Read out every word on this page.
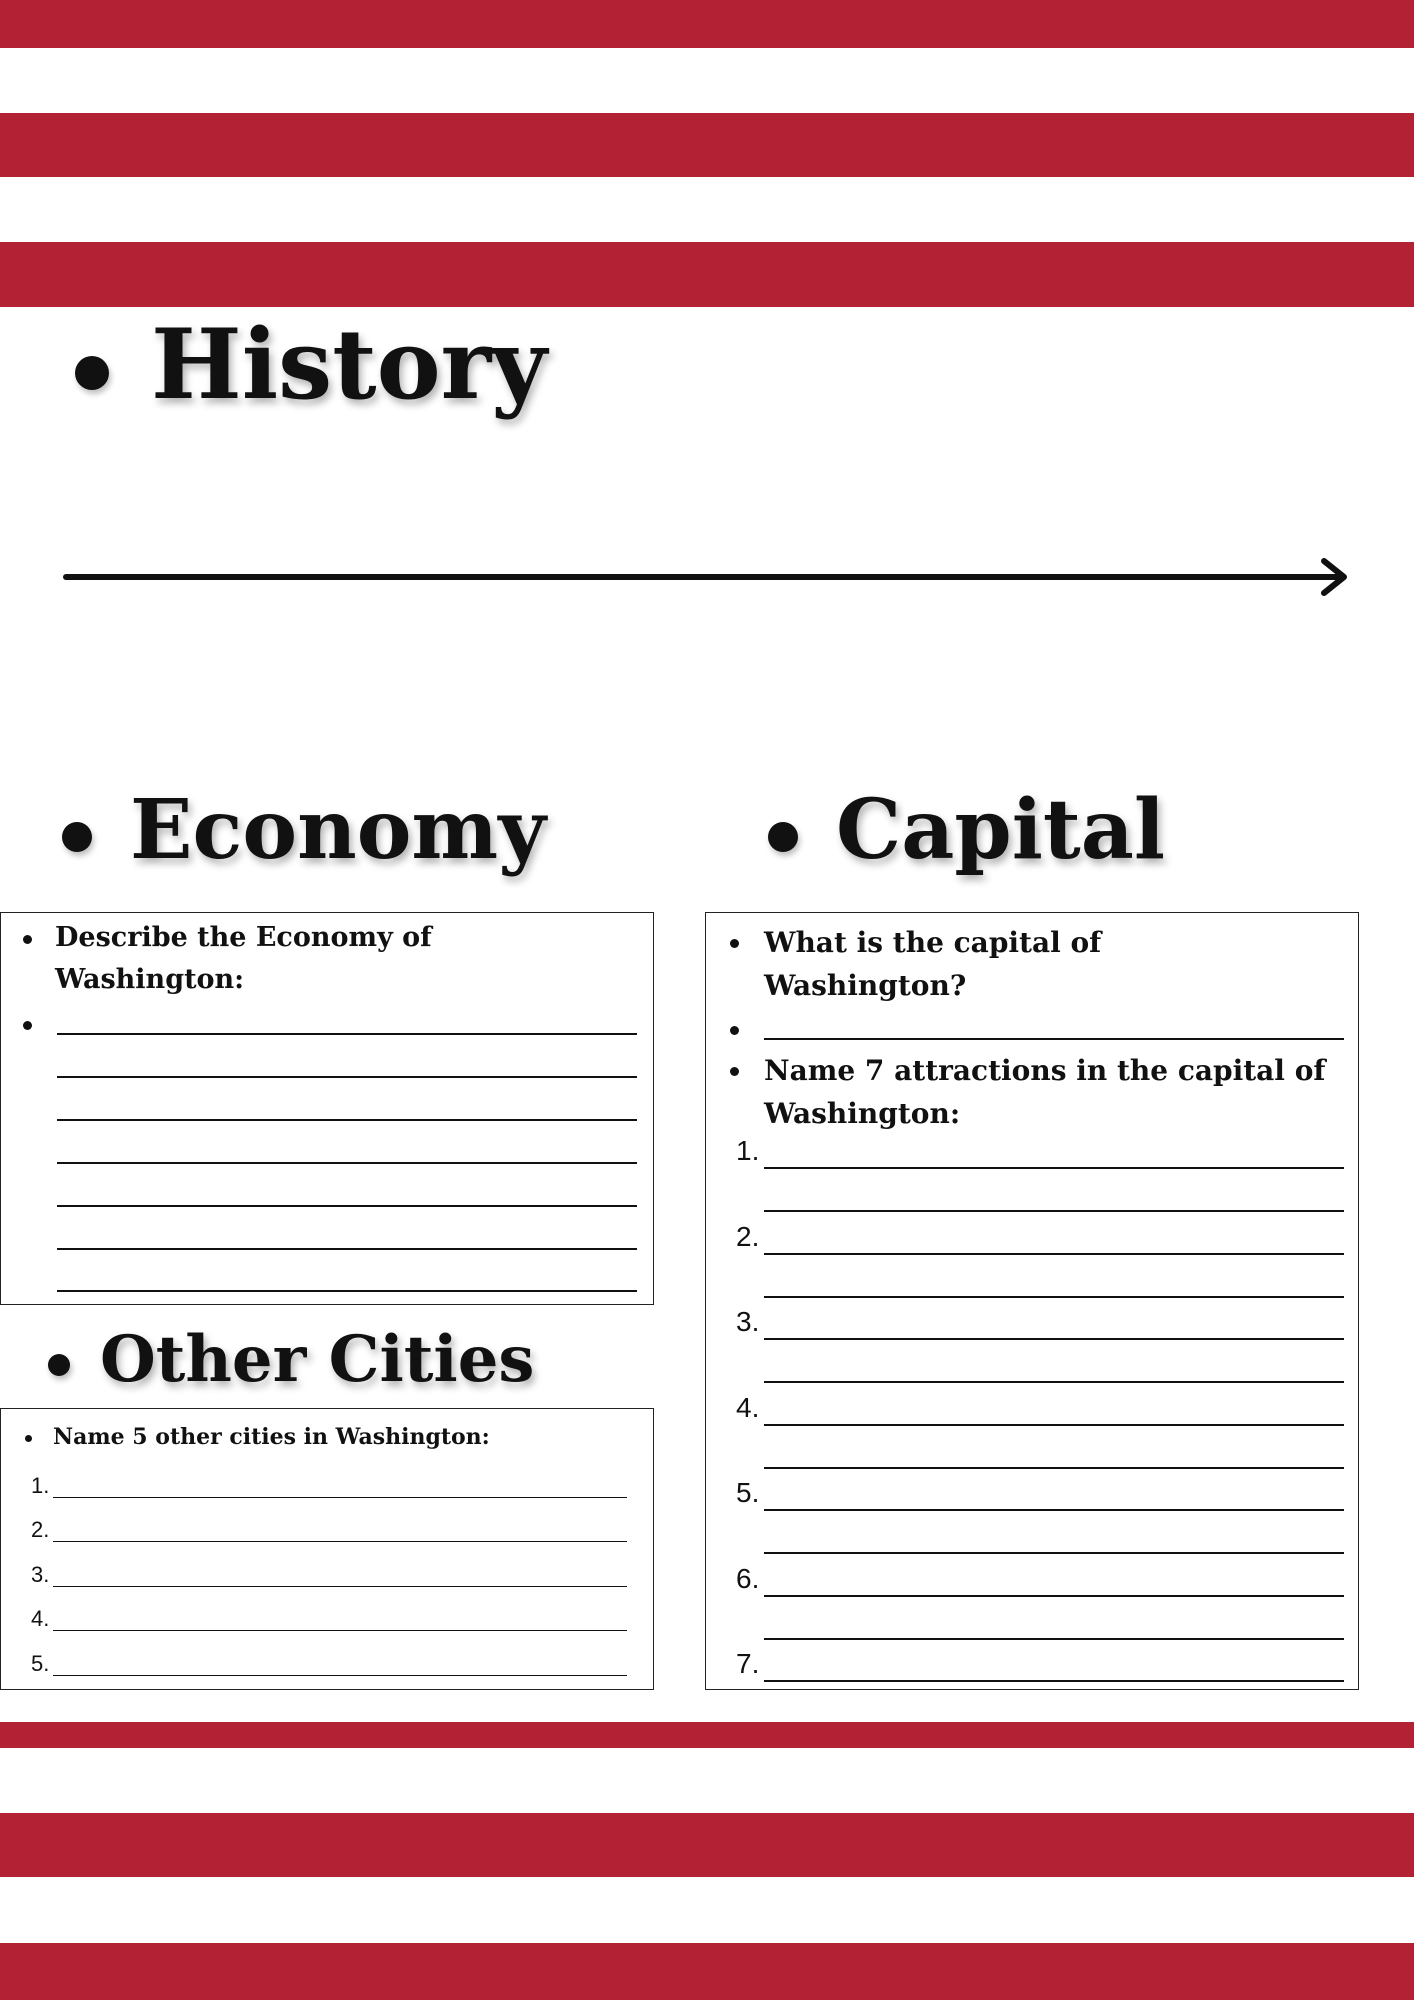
History
Economy	Capital
Describe the Economy of Washington:
What is the capital of Washington?
Name 7 attractions in the capital of Washington:
1.
2.
3.
4.
5.
6.
7.
Other Cities
Name 5 other cities in Washington:
1.
2.
3.
4.
5.
